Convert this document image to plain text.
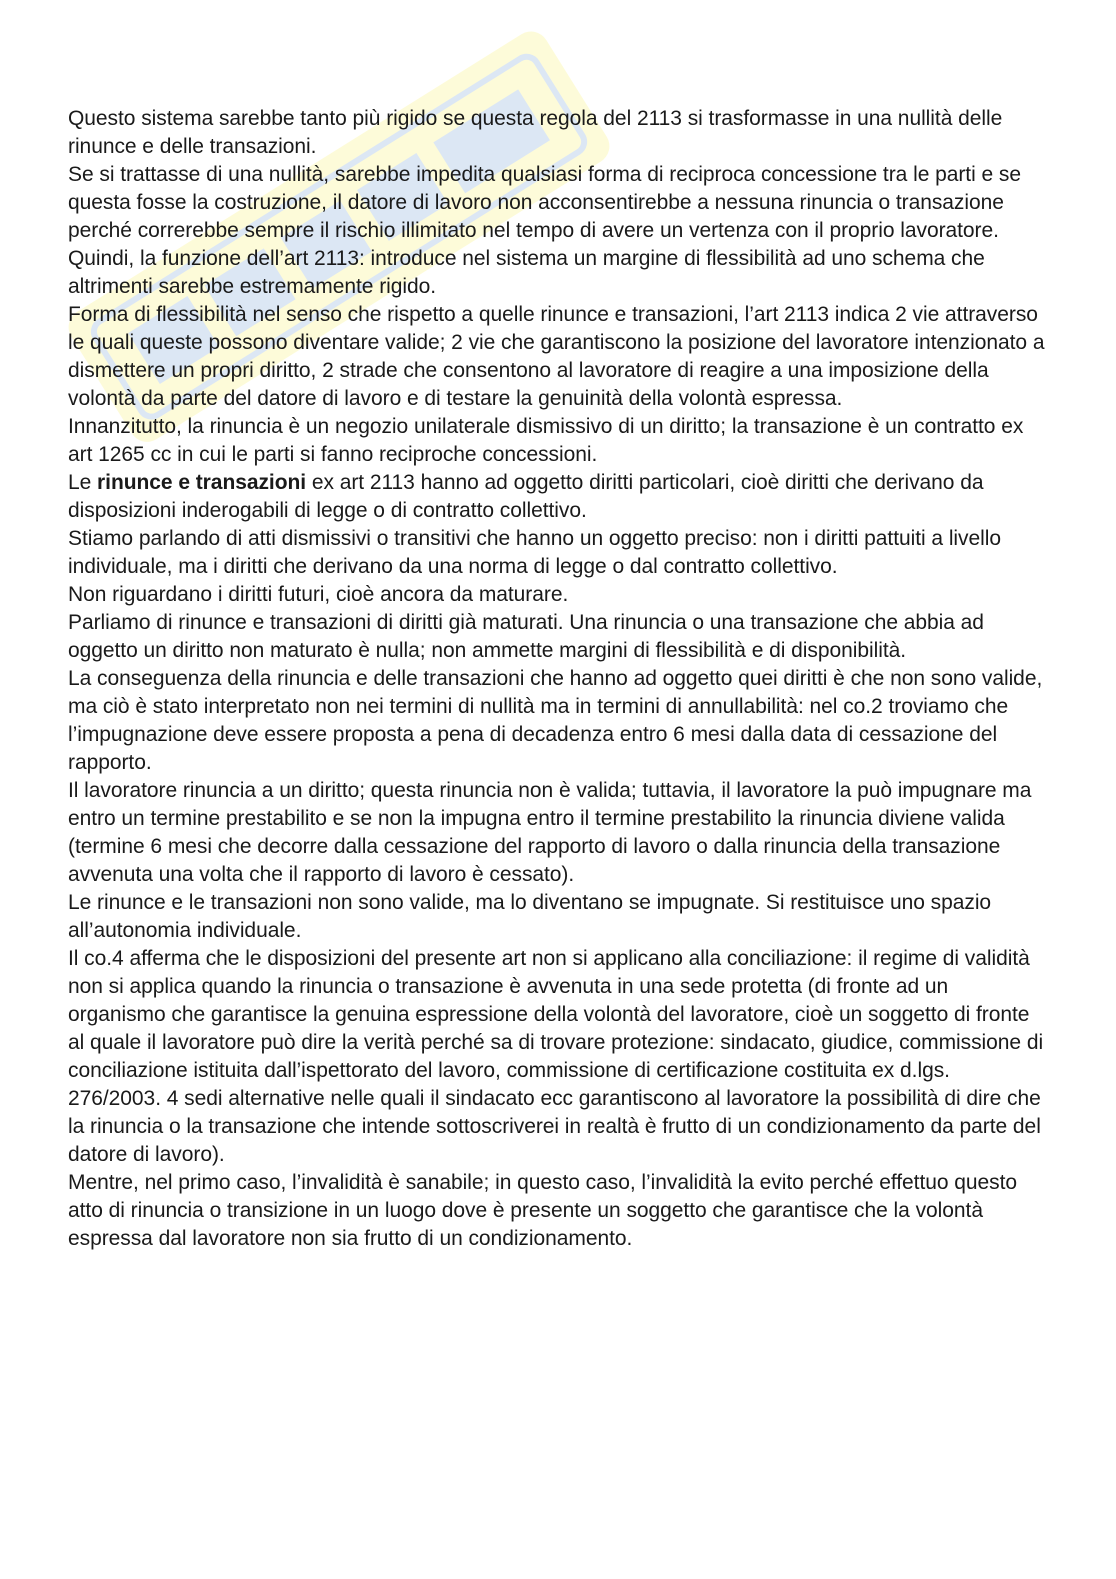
Questo sistema sarebbe tanto più rigido se questa regola del 2113 si trasformasse in una nullità delle rinunce e delle transazioni.

Se si trattasse di una nullità, sarebbe impedita qualsiasi forma di reciproca concessione tra le parti e se questa fosse la costruzione, il datore di lavoro non acconsentirebbe a nessuna rinuncia o transazione perché correrebbe sempre il rischio illimitato nel tempo di avere un vertenza con il proprio lavoratore.

Quindi, la funzione dell’art 2113: introduce nel sistema un margine di flessibilità ad uno schema che altrimenti sarebbe estremamente rigido.

Forma di flessibilità nel senso che rispetto a quelle rinunce e transazioni, l’art 2113 indica 2 vie attraverso le quali queste possono diventare valide; 2 vie che garantiscono la posizione del lavoratore intenzionato a dismettere un propri diritto, 2 strade che consentono al lavoratore di reagire a una imposizione della volontà da parte del datore di lavoro e di testare la genuinità della volontà espressa.

Innanzitutto, la rinuncia è un negozio unilaterale dismissivo di un diritto; la transazione è un contratto ex art 1265 cc in cui le parti si fanno reciproche concessioni.

Le rinunce e transazioni ex art 2113 hanno ad oggetto diritti particolari, cioè diritti che derivano da disposizioni inderogabili di legge o di contratto collettivo.

Stiamo parlando di atti dismissivi o transitivi che hanno un oggetto preciso: non i diritti pattuiti a livello individuale, ma i diritti che derivano da una norma di legge o dal contratto collettivo.

Non riguardano i diritti futuri, cioè ancora da maturare.

Parliamo di rinunce e transazioni di diritti già maturati. Una rinuncia o una transazione che abbia ad oggetto un diritto non maturato è nulla; non ammette margini di flessibilità e di disponibilità.

La conseguenza della rinuncia e delle transazioni che hanno ad oggetto quei diritti è che non sono valide, ma ciò è stato interpretato non nei termini di nullità ma in termini di annullabilità: nel co.2 troviamo che l’impugnazione deve essere proposta a pena di decadenza entro 6 mesi dalla data di cessazione del rapporto.

Il lavoratore rinuncia a un diritto; questa rinuncia non è valida; tuttavia, il lavoratore la può impugnare ma entro un termine prestabilito e se non la impugna entro il termine prestabilito la rinuncia diviene valida (termine 6 mesi che decorre dalla cessazione del rapporto di lavoro o dalla rinuncia della transazione avvenuta una volta che il rapporto di lavoro è cessato).

Le rinunce e le transazioni non sono valide, ma lo diventano se impugnate. Si restituisce uno spazio all’autonomia individuale.

Il co.4 afferma che le disposizioni del presente art non si applicano alla conciliazione: il regime di validità non si applica quando la rinuncia o transazione è avvenuta in una sede protetta (di fronte ad un organismo che garantisce la genuina espressione della volontà del lavoratore, cioè un soggetto di fronte al quale il lavoratore può dire la verità perché sa di trovare protezione: sindacato, giudice, commissione di conciliazione istituita dall’ispettorato del lavoro, commissione di certificazione costituita ex d.lgs. 276/2003. 4 sedi alternative nelle quali il sindacato ecc garantiscono al lavoratore la possibilità di dire che la rinuncia o la transazione che intende sottoscriverei in realtà è frutto di un condizionamento da parte del datore di lavoro).

Mentre, nel primo caso, l’invalidità è sanabile; in questo caso, l’invalidità la evito perché effettuo questo atto di rinuncia o transizione in un luogo dove è presente un soggetto che garantisce che la volontà espressa dal lavoratore non sia frutto di un condizionamento.
